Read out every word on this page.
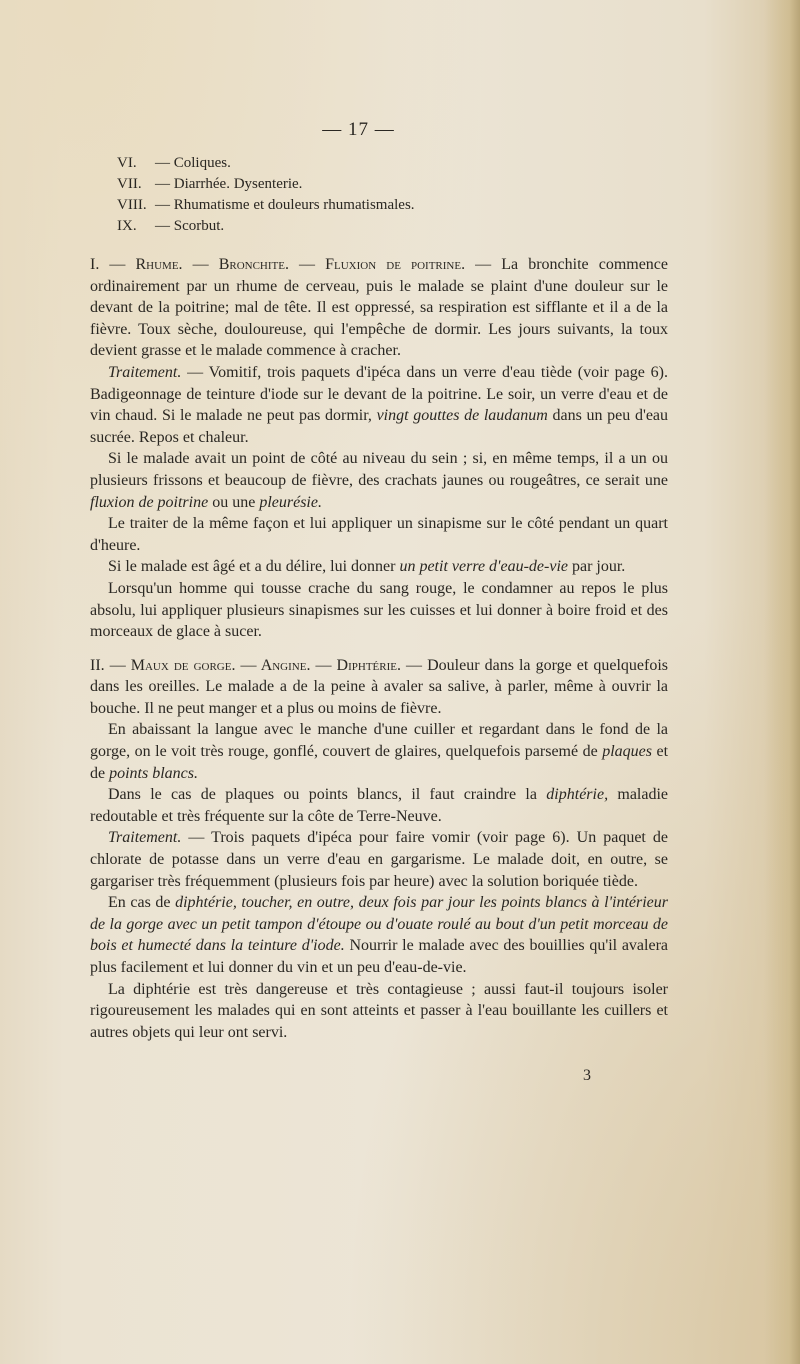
— 17 —
VI. — Coliques.
VII. — Diarrhée. Dysenterie.
VIII. — Rhumatisme et douleurs rhumatismales.
IX. — Scorbut.

I. — Rhume. — Bronchite. — Fluxion de poitrine. — La bronchite commence ordinairement par un rhume de cerveau, puis le malade se plaint d'une douleur sur le devant de la poitrine; mal de tête. Il est oppressé, sa respiration est sifflante et il a de la fièvre. Toux sèche, douloureuse, qui l'empêche de dormir. Les jours suivants, la toux devient grasse et le malade commence à cracher.

Traitement. — Vomitif, trois paquets d'ipéca dans un verre d'eau tiède (voir page 6). Badigeonnage de teinture d'iode sur le devant de la poitrine. Le soir, un verre d'eau et de vin chaud. Si le malade ne peut pas dormir, vingt gouttes de laudanum dans un peu d'eau sucrée. Repos et chaleur.

Si le malade avait un point de côté au niveau du sein ; si, en même temps, il a un ou plusieurs frissons et beaucoup de fièvre, des crachats jaunes ou rougeâtres, ce serait une fluxion de poitrine ou une pleurésie.

Le traiter de la même façon et lui appliquer un sinapisme sur le côté pendant un quart d'heure.

Si le malade est âgé et a du délire, lui donner un petit verre d'eau-de-vie par jour.

Lorsqu'un homme qui tousse crache du sang rouge, le condamner au repos le plus absolu, lui appliquer plusieurs sinapismes sur les cuisses et lui donner à boire froid et des morceaux de glace à sucer.

II. — Maux de gorge. — Angine. — Diphtérie. — Douleur dans la gorge et quelquefois dans les oreilles. Le malade a de la peine à avaler sa salive, à parler, même à ouvrir la bouche. Il ne peut manger et a plus ou moins de fièvre.

En abaissant la langue avec le manche d'une cuiller et regardant dans le fond de la gorge, on le voit très rouge, gonflé, couvert de glaires, quelquefois parsemé de plaques et de points blancs.

Dans le cas de plaques ou points blancs, il faut craindre la diphtérie, maladie redoutable et très fréquente sur la côte de Terre-Neuve.

Traitement. — Trois paquets d'ipéca pour faire vomir (voir page 6). Un paquet de chlorate de potasse dans un verre d'eau en gargarisme. Le malade doit, en outre, se gargariser très fréquemment (plusieurs fois par heure) avec la solution boriquée tiède.

En cas de diphtérie, toucher, en outre, deux fois par jour les points blancs à l'intérieur de la gorge avec un petit tampon d'étoupe ou d'ouate roulé au bout d'un petit morceau de bois et humecté dans la teinture d'iode. Nourrir le malade avec des bouillies qu'il avalera plus facilement et lui donner du vin et un peu d'eau-de-vie.

La diphtérie est très dangereuse et très contagieuse ; aussi faut-il toujours isoler rigoureusement les malades qui en sont atteints et passer à l'eau bouillante les cuillers et autres objets qui leur ont servi.

3
